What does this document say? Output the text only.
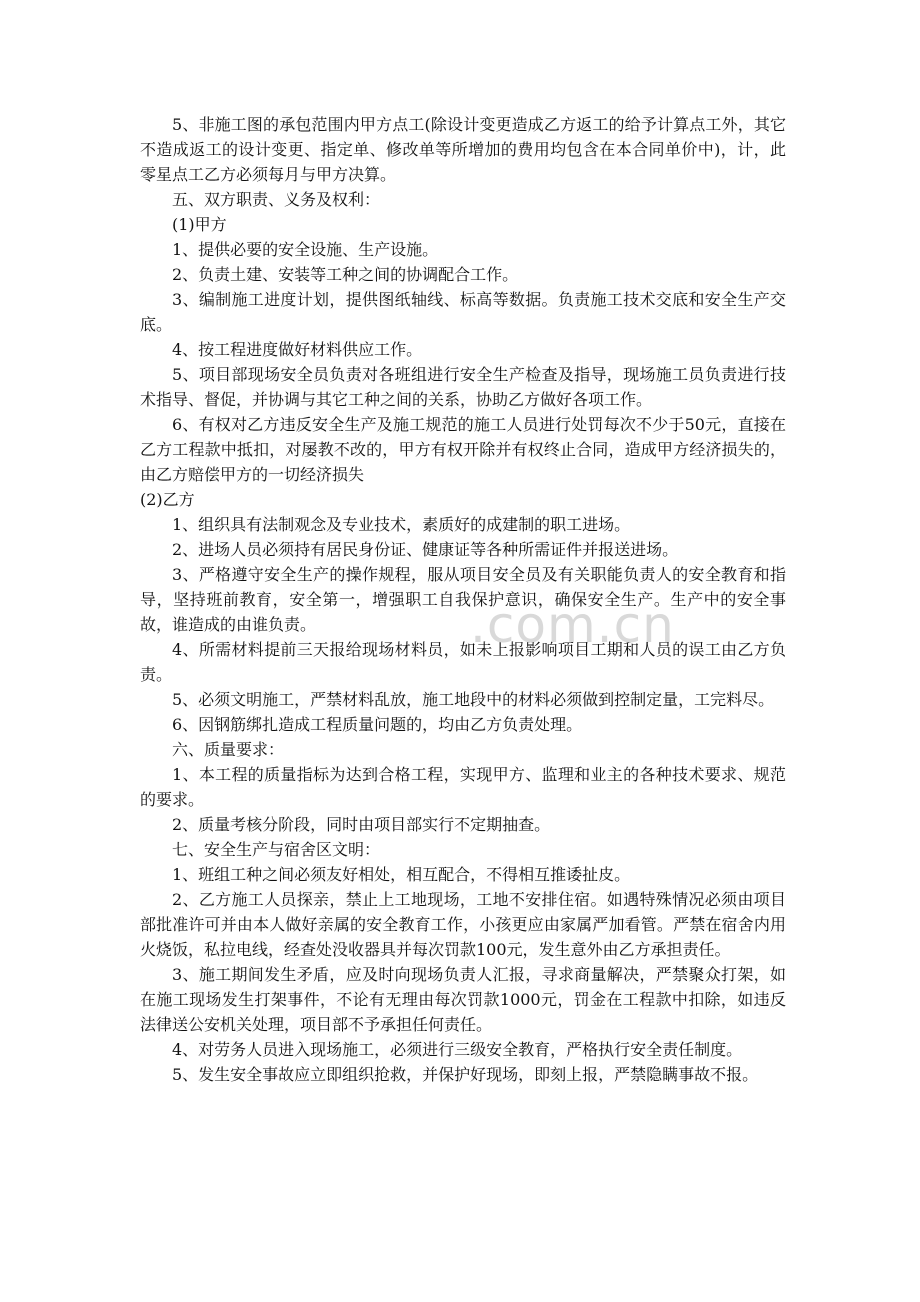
5、非施工图的承包范围内甲方点工(除设计变更造成乙方返工的给予计算点工外，其它不造成返工的设计变更、指定单、修改单等所增加的费用均包含在本合同单价中)，计，此零星点工乙方必须每月与甲方决算。

五、双方职责、义务及权利：

(1)甲方

1、提供必要的安全设施、生产设施。

2、负责土建、安装等工种之间的协调配合工作。

3、编制施工进度计划，提供图纸轴线、标高等数据。负责施工技术交底和安全生产交底。

4、按工程进度做好材料供应工作。

5、项目部现场安全员负责对各班组进行安全生产检查及指导，现场施工员负责进行技术指导、督促，并协调与其它工种之间的关系，协助乙方做好各项工作。

6、有权对乙方违反安全生产及施工规范的施工人员进行处罚每次不少于50元，直接在乙方工程款中抵扣，对屡教不改的，甲方有权开除并有权终止合同，造成甲方经济损失的，由乙方赔偿甲方的一切经济损失

(2)乙方

1、组织具有法制观念及专业技术，素质好的成建制的职工进场。

2、进场人员必须持有居民身份证、健康证等各种所需证件并报送进场。

3、严格遵守安全生产的操作规程，服从项目安全员及有关职能负责人的安全教育和指导，坚持班前教育，安全第一，增强职工自我保护意识，确保安全生产。生产中的安全事故，谁造成的由谁负责。

4、所需材料提前三天报给现场材料员，如未上报影响项目工期和人员的误工由乙方负责。

5、必须文明施工，严禁材料乱放，施工地段中的材料必须做到控制定量，工完料尽。

6、因钢筋绑扎造成工程质量问题的，均由乙方负责处理。

六、质量要求：

1、本工程的质量指标为达到合格工程，实现甲方、监理和业主的各种技术要求、规范的要求。

2、质量考核分阶段，同时由项目部实行不定期抽查。

七、安全生产与宿舍区文明：

1、班组工种之间必须友好相处，相互配合，不得相互推诿扯皮。

2、乙方施工人员探亲，禁止上工地现场，工地不安排住宿。如遇特殊情况必须由项目部批准许可并由本人做好亲属的安全教育工作，小孩更应由家属严加看管。严禁在宿舍内用火烧饭，私拉电线，经查处没收器具并每次罚款100元，发生意外由乙方承担责任。

3、施工期间发生矛盾，应及时向现场负责人汇报，寻求商量解决，严禁聚众打架，如在施工现场发生打架事件，不论有无理由每次罚款1000元，罚金在工程款中扣除，如违反法律送公安机关处理，项目部不予承担任何责任。

4、对劳务人员进入现场施工，必须进行三级安全教育，严格执行安全责任制度。

5、发生安全事故应立即组织抢救，并保护好现场，即刻上报，严禁隐瞒事故不报。

.com.cn
